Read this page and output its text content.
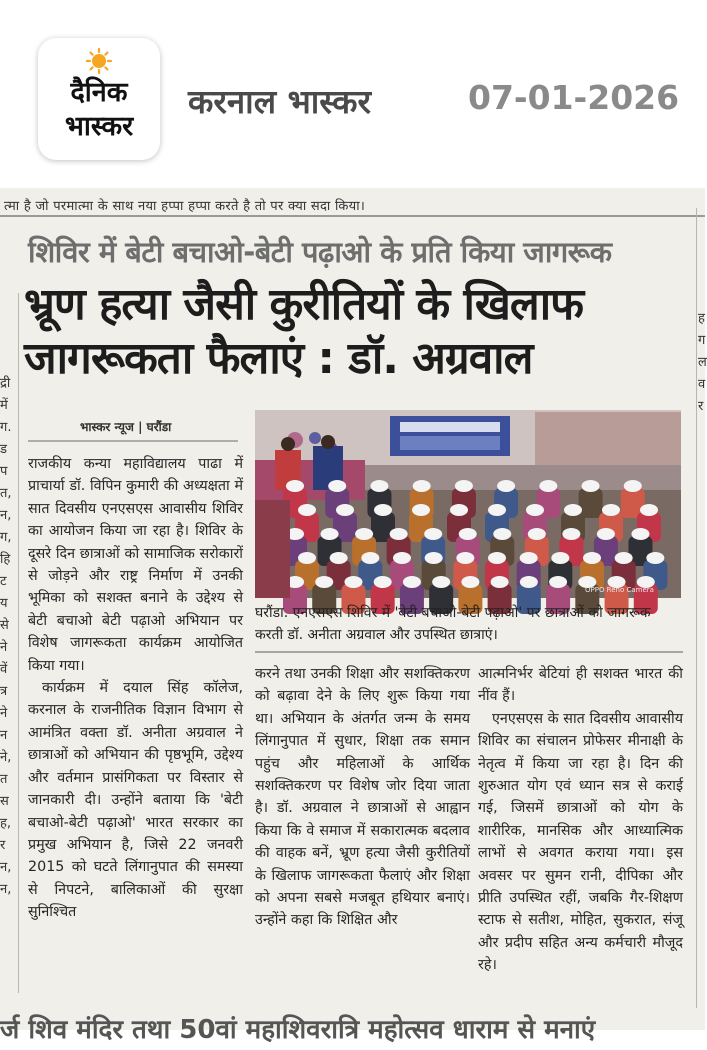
दैनिक
भास्कर
करनाल भास्कर	07-01-2026
त्मा है जो परमात्मा के साथ नया हप्पा हप्पा करते है तो पर क्या सदा किया।
द्री
में
ग.
ड
प
त,
न,
ग,
हि
ट
य
से
ने
वें
त्र
ने
न
ने,
त
स
ह,
र
न,
न,
ह
ग
ल
व
र
शिविर में बेटी बचाओ-बेटी पढ़ाओ के प्रति किया जागरूक
भ्रूण हत्या जैसी कुरीतियों के खिलाफ जागरूकता फैलाएं : डॉ. अग्रवाल
भास्कर न्यूज | घरौंडा
OPPO Reno Camera
घरौंडा. एनएसएस शिविर में 'बेटी बचाओ-बेटी पढ़ाओ' पर छात्राओं को जागरूक करती डॉ. अनीता अग्रवाल और उपस्थित छात्राएं।

राजकीय कन्या महाविद्यालय पाढा में प्राचार्या डॉ. विपिन कुमारी की अध्यक्षता में सात दिवसीय एनएसएस आवासीय शिविर का आयोजन किया जा रहा है। शिविर के दूसरे दिन छात्राओं को सामाजिक सरोकारों से जोड़ने और राष्ट्र निर्माण में उनकी भूमिका को सशक्त बनाने के उद्देश्य से बेटी बचाओ बेटी पढ़ाओ अभियान पर विशेष जागरूकता कार्यक्रम आयोजित किया गया।

कार्यक्रम में दयाल सिंह कॉलेज, करनाल के राजनीतिक विज्ञान विभाग से आमंत्रित वक्ता डॉ. अनीता अग्रवाल ने छात्राओं को अभियान की पृष्ठभूमि, उद्देश्य और वर्तमान प्रासंगिकता पर विस्तार से जानकारी दी। उन्होंने बताया कि 'बेटी बचाओ-बेटी पढ़ाओ' भारत सरकार का प्रमुख अभियान है, जिसे 22 जनवरी 2015 को घटते लिंगानुपात की समस्या से निपटने, बालिकाओं की सुरक्षा सुनिश्चित

करने तथा उनकी शिक्षा और सशक्तिकरण को बढ़ावा देने के लिए शुरू किया गया था। अभियान के अंतर्गत जन्म के समय लिंगानुपात में सुधार, शिक्षा तक समान पहुंच और महिलाओं के आर्थिक सशक्तिकरण पर विशेष जोर दिया जाता है। डॉ. अग्रवाल ने छात्राओं से आह्वान किया कि वे समाज में सकारात्मक बदलाव की वाहक बनें, भ्रूण हत्या जैसी कुरीतियों के खिलाफ जागरूकता फैलाएं और शिक्षा को अपना सबसे मजबूत हथियार बनाएं। उन्होंने कहा कि शिक्षित और

आत्मनिर्भर बेटियां ही सशक्त भारत की नींव हैं।

एनएसएस के सात दिवसीय आवासीय शिविर का संचालन प्रोफेसर मीनाक्षी के नेतृत्व में किया जा रहा है। दिन की शुरुआत योग एवं ध्यान सत्र से कराई गई, जिसमें छात्राओं को योग के शारीरिक, मानसिक और आध्यात्मिक लाभों से अवगत कराया गया। इस अवसर पर सुमन रानी, दीपिका और प्रीति उपस्थित रहीं, जबकि गैर-शिक्षण स्टाफ से सतीश, मोहित, सुकरात, संजू और प्रदीप सहित अन्य कर्मचारी मौजूद रहे।

र्ज शिव मंदिर तथा 50वां महाशिवरात्रि महोत्सव धाराम से मनाएं
